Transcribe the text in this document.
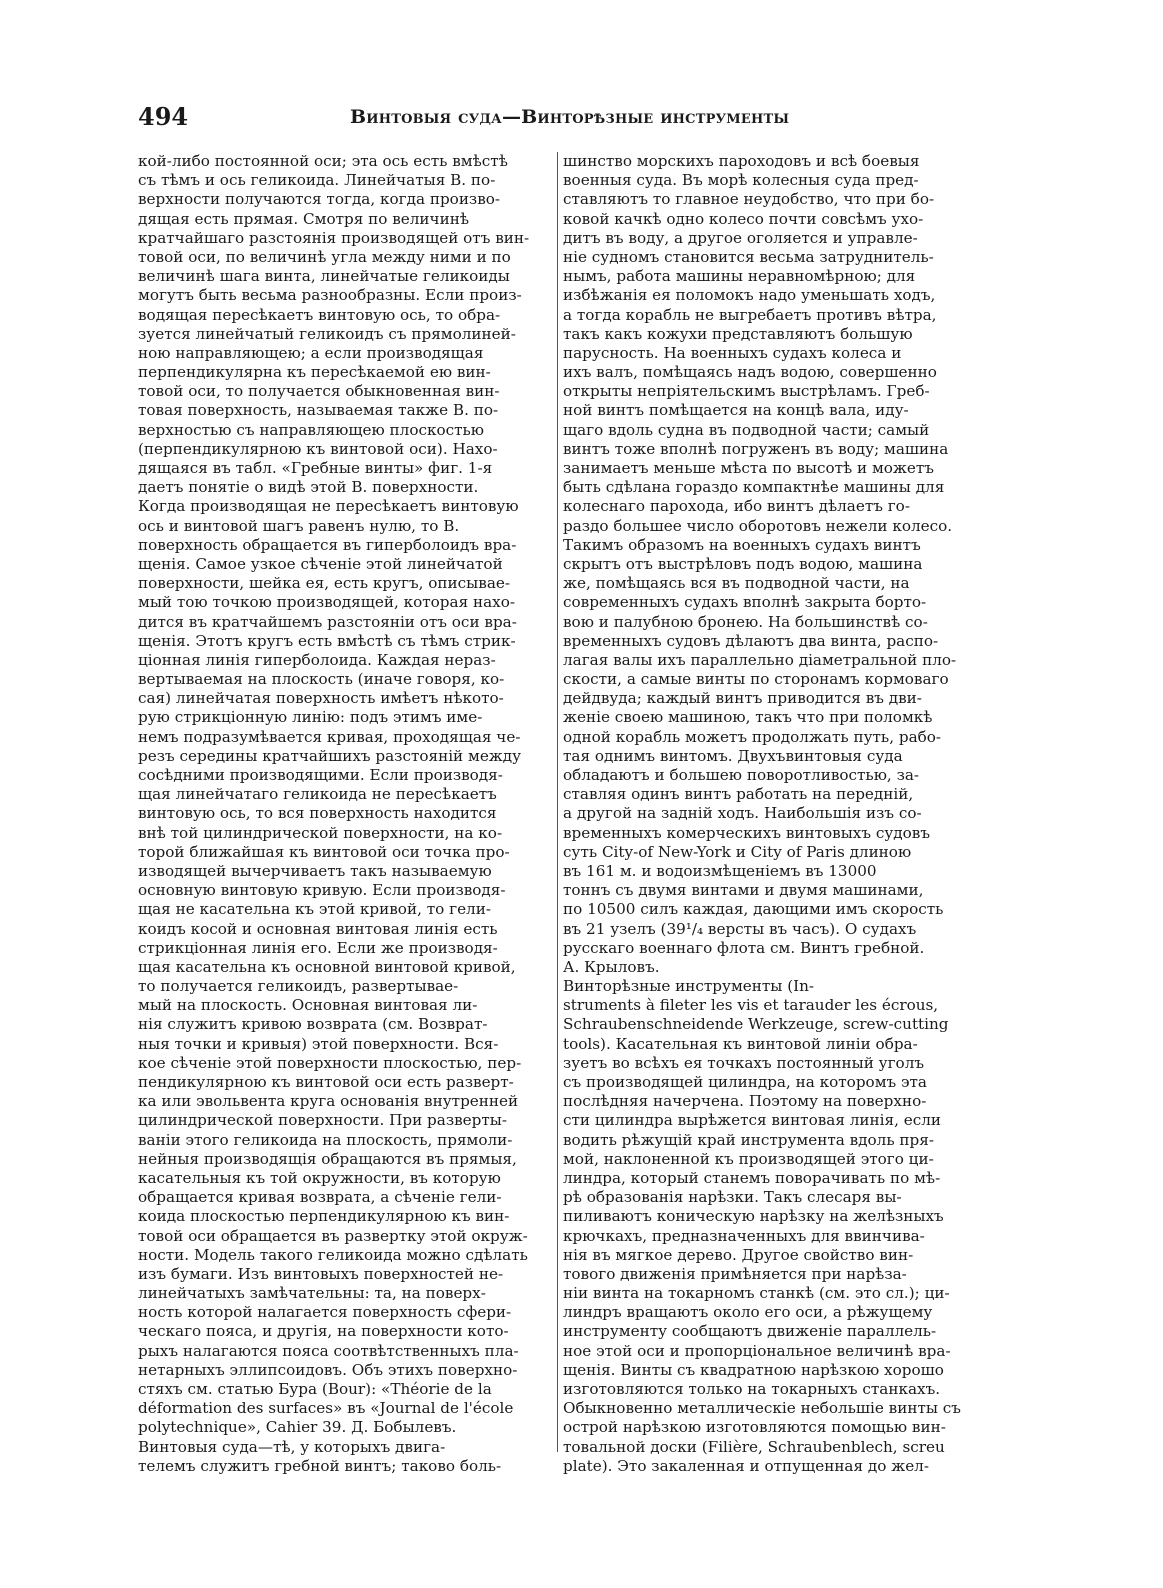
494	Винтовыя суда—Винторѣзные инструменты
кой-либо постоянной оси; эта ось есть вмѣстѣ
съ тѣмъ и ось геликоида. Линейчатыя В. по-
верхности получаются тогда, когда произво-
дящая есть прямая. Смотря по величинѣ
кратчайшаго разстоянія производящей отъ вин-
товой оси, по величинѣ угла между ними и по
величинѣ шага винта, линейчатые геликоиды
могутъ быть весьма разнообразны. Если произ-
водящая пересѣкаетъ винтовую ось, то обра-
зуется линейчатый геликоидъ съ прямолиней-
ною направляющею; а если производящая
перпендикулярна къ пересѣкаемой ею вин-
товой оси, то получается обыкновенная вин-
товая поверхность, называемая также В. по-
верхностью съ направляющею плоскостью
(перпендикулярною къ винтовой оси). Нахо-
дящаяся въ табл. «Гребные винты» фиг. 1-я
даетъ понятіе о видѣ этой В. поверхности.
Когда производящая не пересѣкаетъ винтовую
ось и винтовой шагъ равенъ нулю, то В.
поверхность обращается въ гиперболоидъ вра-
щенія. Самое узкое сѣченіе этой линейчатой
поверхности, шейка ея, есть кругъ, описывае-
мый тою точкою производящей, которая нахо-
дится въ кратчайшемъ разстояніи отъ оси вра-
щенія. Этотъ кругъ есть вмѣстѣ съ тѣмъ стрик-
ціонная линія гиперболоида. Каждая нераз-
вертываемая на плоскость (иначе говоря, ко-
сая) линейчатая поверхность имѣетъ нѣкото-
рую стрикціонную линію: подъ этимъ име-
немъ подразумѣвается кривая, проходящая че-
резъ середины кратчайшихъ разстояній между
сосѣдними производящими. Если производя-
щая линейчатаго геликоида не пересѣкаетъ
винтовую ось, то вся поверхность находится
внѣ той цилиндрической поверхности, на ко-
торой ближайшая къ винтовой оси точка про-
изводящей вычерчиваетъ такъ называемую
основную винтовую кривую. Если производя-
щая не касательна къ этой кривой, то гели-
коидъ косой и основная винтовая линія есть
стрикціонная линія его. Если же производя-
щая касательна къ основной винтовой кривой,
то получается геликоидъ, развертывае-
мый на плоскость. Основная винтовая ли-
нія служитъ кривою возврата (см. Возврат-
ныя точки и кривыя) этой поверхности. Вся-
кое сѣченіе этой поверхности плоскостью, пер-
пендикулярною къ винтовой оси есть разверт-
ка или эвольвента круга основанія внутренней
цилиндрической поверхности. При разверты-
ваніи этого геликоида на плоскость, прямоли-
нейныя производящія обращаются въ прямыя,
касательныя къ той окружности, въ которую
обращается кривая возврата, а сѣченіе гели-
коида плоскостью перпендикулярною къ вин-
товой оси обращается въ развертку этой окруж-
ности. Модель такого геликоида можно сдѣлать
изъ бумаги. Изъ винтовыхъ поверхностей не-
линейчатыхъ замѣчательны: та, на поверх-
ность которой налагается поверхность сфери-
ческаго пояса, и другія, на поверхности кото-
рыхъ налагаются пояса соотвѣтственныхъ пла-
нетарныхъ эллипсоидовъ. Объ этихъ поверхно-
стяхъ см. статью Бура (Bour): «Théorie de la
déformation des surfaces» въ «Journal de l'école
polytechnique», Cahier 39. Д. Бобылевъ.
Винтовыя суда—тѣ, у которыхъ двига-
телемъ служитъ гребной винтъ; таково боль-
шинство морскихъ пароходовъ и всѣ боевыя
военныя суда. Въ морѣ колесныя суда пред-
ставляютъ то главное неудобство, что при бо-
ковой качкѣ одно колесо почти совсѣмъ ухо-
дитъ въ воду, а другое оголяется и управле-
ніе судномъ становится весьма затруднитель-
нымъ, работа машины неравномѣрною; для
избѣжанія ея поломокъ надо уменьшать ходъ,
а тогда корабль не выгребаетъ противъ вѣтра,
такъ какъ кожухи представляютъ большую
парусность. На военныхъ судахъ колеса и
ихъ валъ, помѣщаясь надъ водою, совершенно
открыты непріятельскимъ выстрѣламъ. Греб-
ной винтъ помѣщается на концѣ вала, иду-
щаго вдоль судна въ подводной части; самый
винтъ тоже вполнѣ погруженъ въ воду; машина
занимаетъ меньше мѣста по высотѣ и можетъ
быть сдѣлана гораздо компактнѣе машины для
колеснаго парохода, ибо винтъ дѣлаетъ го-
раздо большее число оборотовъ нежели колесо.
Такимъ образомъ на военныхъ судахъ винтъ
скрытъ отъ выстрѣловъ подъ водою, машина
же, помѣщаясь вся въ подводной части, на
современныхъ судахъ вполнѣ закрыта борто-
вою и палубною бронею. На большинствѣ со-
временныхъ судовъ дѣлаютъ два винта, распо-
лагая валы ихъ параллельно діаметральной пло-
скости, а самые винты по сторонамъ кормоваго
дейдвуда; каждый винтъ приводится въ дви-
женіе своею машиною, такъ что при поломкѣ
одной корабль можетъ продолжать путь, рабо-
тая однимъ винтомъ. Двухъвинтовыя суда
обладаютъ и большею поворотливостью, за-
ставляя одинъ винтъ работать на передній,
а другой на задній ходъ. Наибольшія изъ со-
временныхъ комерческихъ винтовыхъ судовъ
суть City-of New-York и City of Paris длиною
въ 161 м. и водоизмѣщеніемъ въ 13000
тоннъ съ двумя винтами и двумя машинами,
по 10500 силъ каждая, дающими имъ скорость
въ 21 узелъ (39¹/₄ версты въ часъ). О судахъ
русскаго военнаго флота см. Винтъ гребной.
А. Крыловъ.
Винторѣзные инструменты (In-
struments à fileter les vis et tarauder les écrous,
Schraubenschneidende Werkzeuge, screw-cutting
tools). Касательная къ винтовой линіи обра-
зуетъ во всѣхъ ея точкахъ постоянный уголъ
съ производящей цилиндра, на которомъ эта
послѣдняя начерчена. Поэтому на поверхно-
сти цилиндра вырѣжется винтовая линія, если
водить рѣжущій край инструмента вдоль пря-
мой, наклоненной къ производящей этого ци-
линдра, который станемъ поворачивать по мѣ-
рѣ образованія нарѣзки. Такъ слесаря вы-
пиливаютъ коническую нарѣзку на желѣзныхъ
крючкахъ, предназначенныхъ для ввинчива-
нія въ мягкое дерево. Другое свойство вин-
тового движенія примѣняется при нарѣза-
ніи винта на токарномъ станкѣ (см. это сл.); ци-
линдръ вращаютъ около его оси, а рѣжущему
инструменту сообщаютъ движеніе параллель-
ное этой оси и пропорціональное величинѣ вра-
щенія. Винты съ квадратною нарѣзкою хорошо
изготовляются только на токарныхъ станкахъ.
Обыкновенно металлическіе небольшіе винты съ
острой нарѣзкою изготовляются помощью вин-
товальной доски (Filière, Schraubenblech, screu
plate). Это закаленная и отпущенная до жел-
